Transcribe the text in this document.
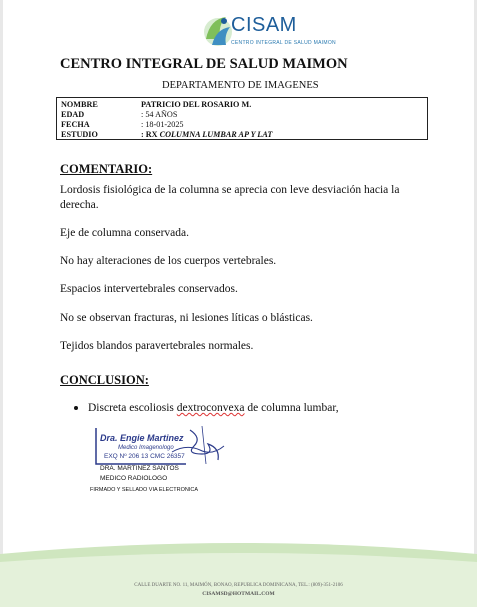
CISAM
CENTRO INTEGRAL DE SALUD MAIMON
CENTRO INTEGRAL DE SALUD MAIMON
DEPARTAMENTO DE IMAGENES
NOMBRE	PATRICIO DEL ROSARIO M.
EDAD	: 54 AÑOS
FECHA	: 18-01-2025
ESTUDIO	: RX COLUMNA LUMBAR AP Y LAT
COMENTARIO:
Lordosis fisiológica de la columna se aprecia con leve desviación hacia la derecha.
Eje de columna conservada.
No hay alteraciones de los cuerpos vertebrales.
Espacios intervertebrales conservados.
No se observan fracturas, ni lesiones líticas o blásticas.
Tejidos blandos paravertebrales normales.
CONCLUSION:
Discreta escoliosis dextroconvexa de columna lumbar,
Dra. Engie Martinez
Medico Imagenologo
EXQ Nº 206 13 CMC 26357
DRA. MARTINEZ SANTOS
MEDICO RADIOLOGO
FIRMADO Y SELLADO VIA ELECTRONICA
CALLE DUARTE NO. 11, MAIMÓN, BONAO, REPUBLICA DOMINICANA, TEL.: (809)-351-2106
CISAMSD@HOTMAIL.COM
